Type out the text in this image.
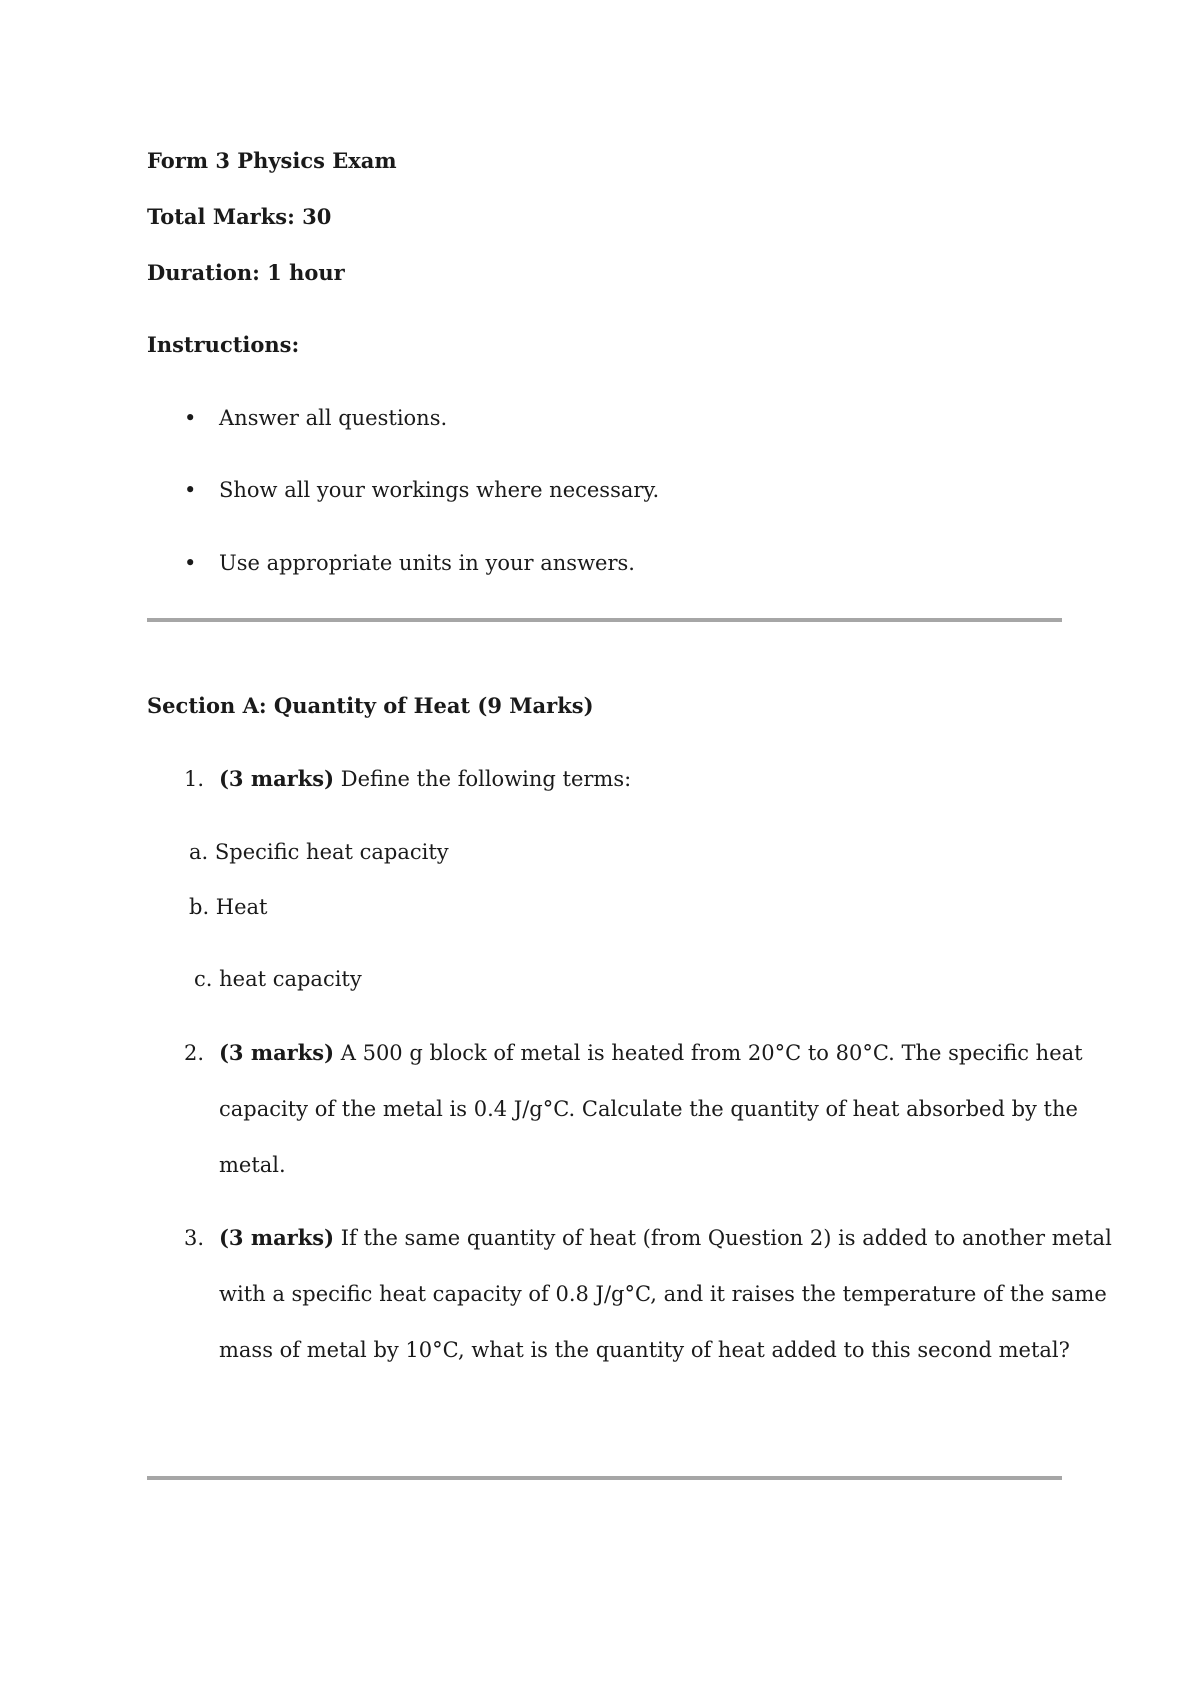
Form 3 Physics Exam
Total Marks: 30
Duration: 1 hour
Instructions:
• Answer all questions.
• Show all your workings where necessary.
• Use appropriate units in your answers.
Section A: Quantity of Heat (9 Marks)
1. (3 marks) Define the following terms:
a. Specific heat capacity
b. Heat
c. heat capacity
2. (3 marks) A 500 g block of metal is heated from 20°C to 80°C. The specific heat
capacity of the metal is 0.4 J/g°C. Calculate the quantity of heat absorbed by the
metal.
3. (3 marks) If the same quantity of heat (from Question 2) is added to another metal
with a specific heat capacity of 0.8 J/g°C, and it raises the temperature of the same
mass of metal by 10°C, what is the quantity of heat added to this second metal?
